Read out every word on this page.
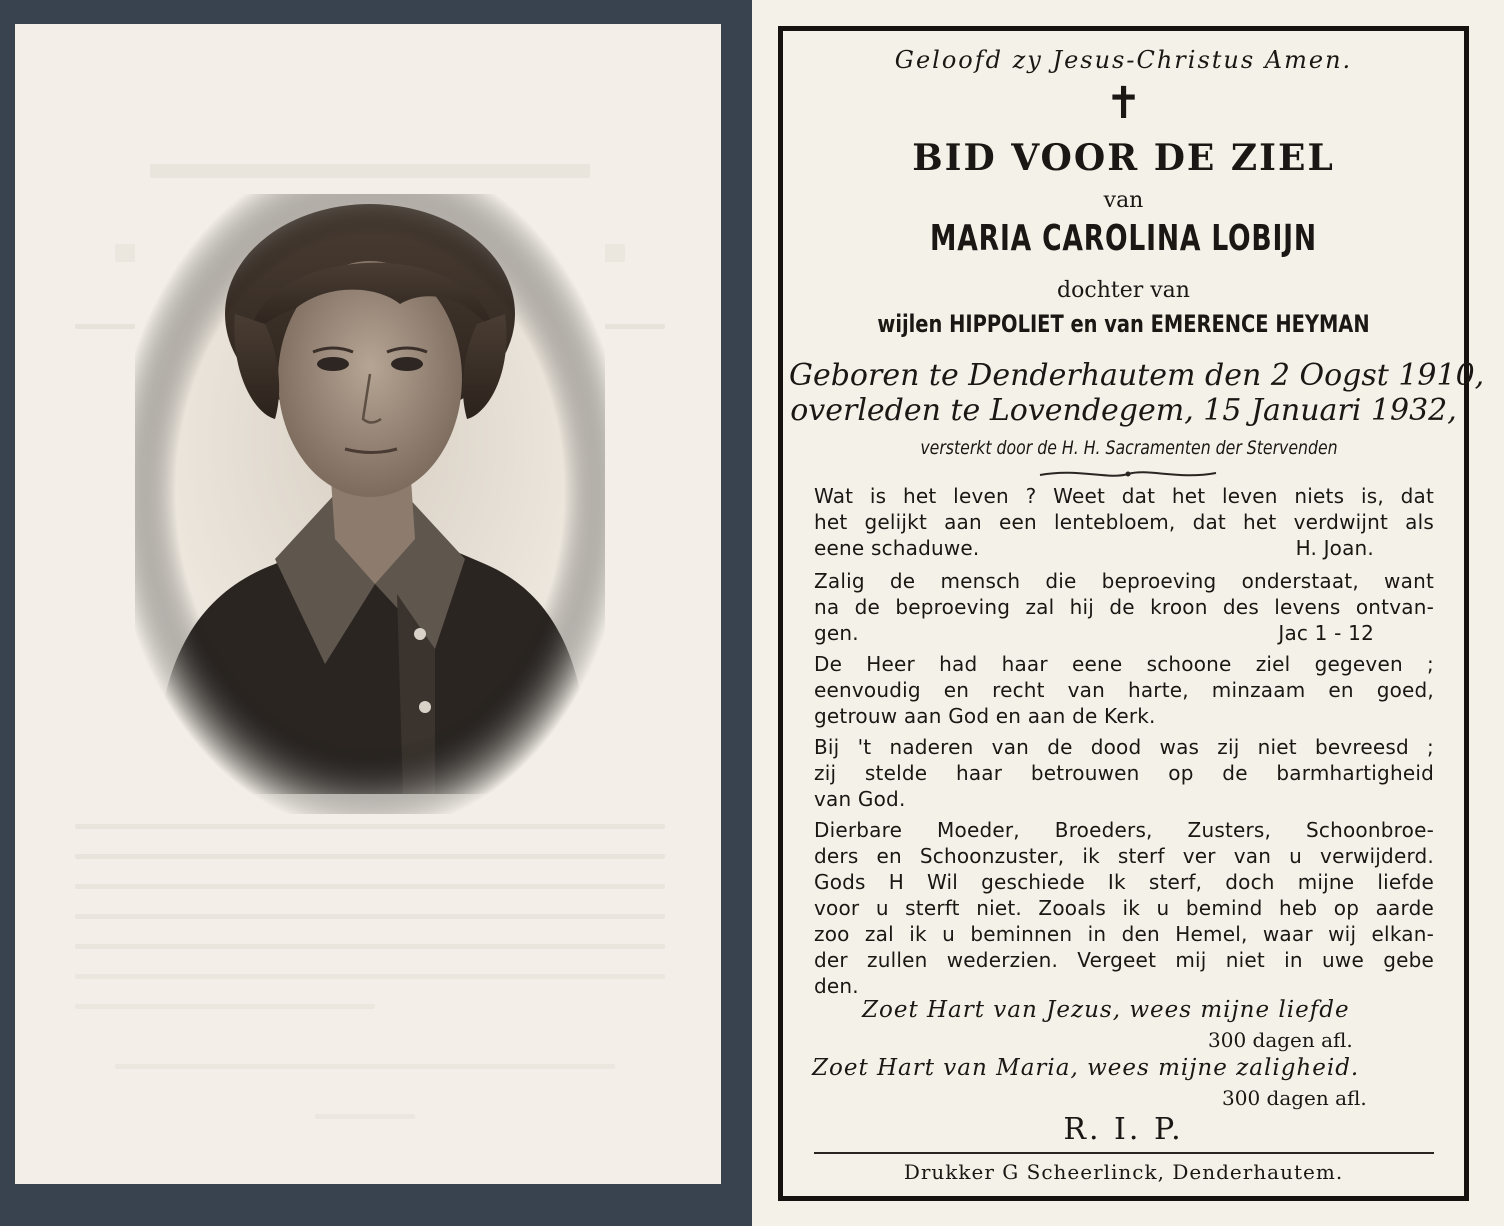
Geloofd zy Jesus-Christus Amen.
✝
BID VOOR DE ZIEL
van
MARIA CAROLINA LOBIJN
dochter van
wijlen HIPPOLIET en van EMERENCE HEYMAN
Geboren te Denderhautem den 2 Oogst 1910,
overleden te Lovendegem, 15 Januari 1932,
versterkt door de H. H. Sacramenten der Stervenden
Wat is het leven ? Weet dat het leven niets is, dat
het gelijkt aan een lentebloem, dat het verdwijnt als
eene schaduwe.	H. Joan.
Zalig de mensch die beproeving onderstaat, want
na de beproeving zal hij de kroon des levens ontvan-
gen.	Jac 1 - 12
De Heer had haar eene schoone ziel gegeven ;
eenvoudig en recht van harte, minzaam en goed,
getrouw aan God en aan de Kerk.
Bij 't naderen van de dood was zij niet bevreesd ;
zij stelde haar betrouwen op de barmhartigheid
van God.
Dierbare Moeder, Broeders, Zusters, Schoonbroe-
ders en Schoonzuster, ik sterf ver van u verwijderd.
Gods H Wil geschiede Ik sterf, doch mijne liefde
voor u sterft niet. Zooals ik u bemind heb op aarde
zoo zal ik u beminnen in den Hemel, waar wij elkan-
der zullen wederzien. Vergeet mij niet in uwe gebe
den.
Zoet Hart van Jezus, wees mijne liefde
300 dagen afl.
Zoet Hart van Maria, wees mijne zaligheid.
300 dagen afl.
R. I. P.
Drukker G Scheerlinck, Denderhautem.
